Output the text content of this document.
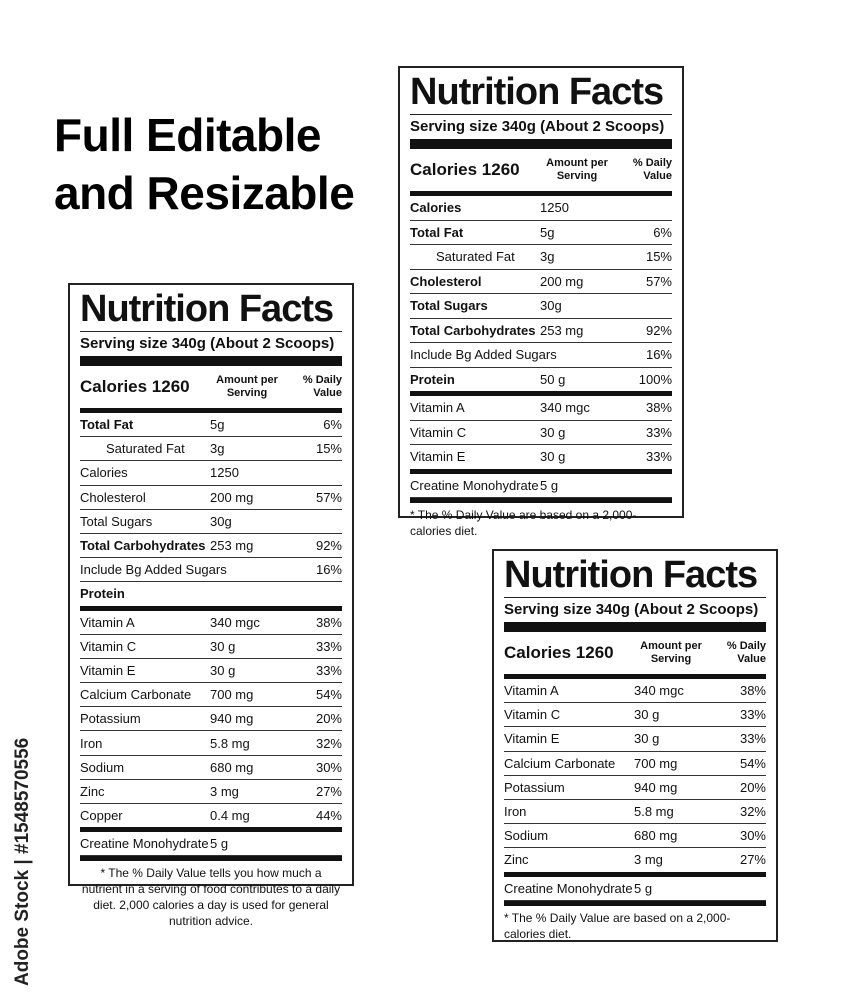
Full Editable
and Resizable
Adobe Stock | #1548570556
Nutrition Facts
Serving size 340g (About 2 Scoops)
Calories 1260	Amount per Serving
% Daily Value
Calories	1250
Total Fat	5g	6%
Saturated Fat	3g	15%
Cholesterol	200 mg	57%
Total Sugars	30g
Total Carbohydrates 253 mg	92%
Include Bg Added Sugars	16%
Protein	50 g	100%
Vitamin A	340 mgc	38%
Vitamin C	30 g	33%
Vitamin E	30 g	33%
Creatine Monohydrate 5 g
* The % Daily Value are based on a 2,000- calories diet.
Nutrition Facts
Serving size 340g (About 2 Scoops)
Calories 1260	Amount per Serving
% Daily Value
Total Fat	5g	6%
Saturated Fat	3g	15%
Calories	1250
Cholesterol	200 mg	57%
Total Sugars	30g
Total Carbohydrates 253 mg	92%
Include Bg Added Sugars	16%
Protein
Vitamin A	340 mgc	38%
Vitamin C	30 g	33%
Vitamin E	30 g	33%
Calcium Carbonate	700 mg	54%
Potassium	940 mg	20%
Iron	5.8 mg	32%
Sodium	680 mg	30%
Zinc	3 mg	27%
Copper	0.4 mg	44%
Creatine Monohydrate 5 g
* The % Daily Value tells you how much a nutrient in a serving of food contributes to a daily diet. 2,000 calories a day is used for general nutrition advice.
Nutrition Facts
Serving size 340g (About 2 Scoops)
Calories 1260	Amount per Serving
% Daily Value
Vitamin A	340 mgc	38%
Vitamin C	30 g	33%
Vitamin E	30 g	33%
Calcium Carbonate	700 mg	54%
Potassium	940 mg	20%
Iron	5.8 mg	32%
Sodium	680 mg	30%
Zinc	3 mg	27%
Creatine Monohydrate 5 g
* The % Daily Value are based on a 2,000- calories diet.
